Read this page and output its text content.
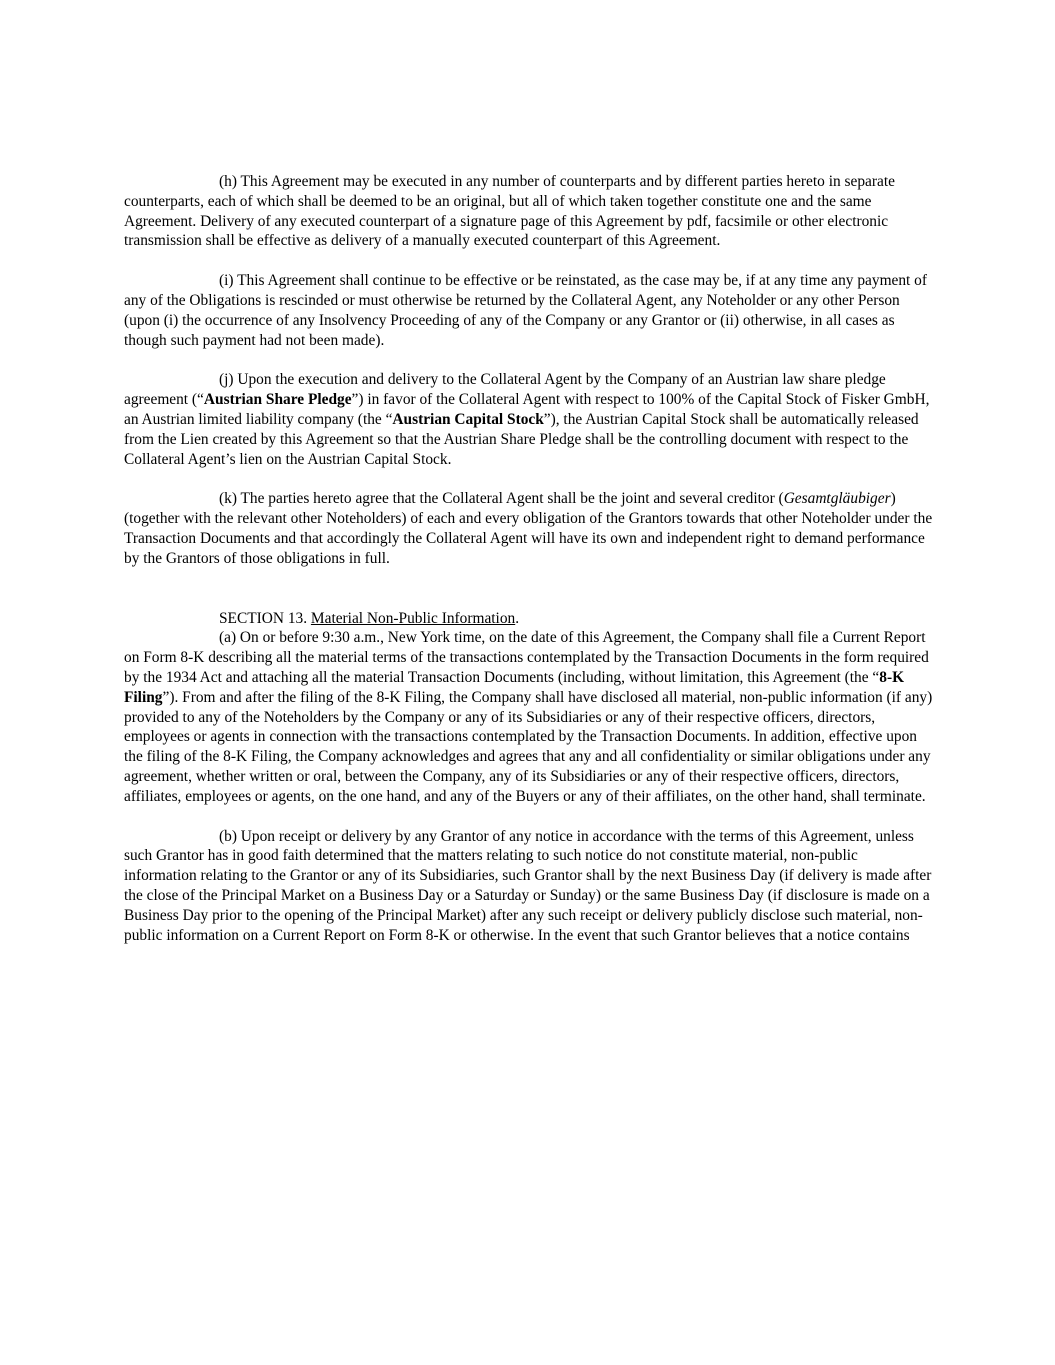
(h) This Agreement may be executed in any number of counterparts and by different parties hereto in separate counterparts, each of which shall be deemed to be an original, but all of which taken together constitute one and the same Agreement. Delivery of any executed counterpart of a signature page of this Agreement by pdf, facsimile or other electronic transmission shall be effective as delivery of a manually executed counterpart of this Agreement.

(i) This Agreement shall continue to be effective or be reinstated, as the case may be, if at any time any payment of any of the Obligations is rescinded or must otherwise be returned by the Collateral Agent, any Noteholder or any other Person (upon (i) the occurrence of any Insolvency Proceeding of any of the Company or any Grantor or (ii) otherwise, in all cases as though such payment had not been made).

(j) Upon the execution and delivery to the Collateral Agent by the Company of an Austrian law share pledge agreement (“Austrian Share Pledge”) in favor of the Collateral Agent with respect to 100% of the Capital Stock of Fisker GmbH, an Austrian limited liability company (the “Austrian Capital Stock”), the Austrian Capital Stock shall be automatically released from the Lien created by this Agreement so that the Austrian Share Pledge shall be the controlling document with respect to the Collateral Agent’s lien on the Austrian Capital Stock.

(k) The parties hereto agree that the Collateral Agent shall be the joint and several creditor (Gesamtgläubiger) (together with the relevant other Noteholders) of each and every obligation of the Grantors towards that other Noteholder under the Transaction Documents and that accordingly the Collateral Agent will have its own and independent right to demand performance by the Grantors of those obligations in full.

SECTION 13. Material Non-Public Information.

(a) On or before 9:30 a.m., New York time, on the date of this Agreement, the Company shall file a Current Report on Form 8-K describing all the material terms of the transactions contemplated by the Transaction Documents in the form required by the 1934 Act and attaching all the material Transaction Documents (including, without limitation, this Agreement (the “8-K Filing”). From and after the filing of the 8-K Filing, the Company shall have disclosed all material, non-public information (if any) provided to any of the Noteholders by the Company or any of its Subsidiaries or any of their respective officers, directors, employees or agents in connection with the transactions contemplated by the Transaction Documents. In addition, effective upon the filing of the 8-K Filing, the Company acknowledges and agrees that any and all confidentiality or similar obligations under any agreement, whether written or oral, between the Company, any of its Subsidiaries or any of their respective officers, directors, affiliates, employees or agents, on the one hand, and any of the Buyers or any of their affiliates, on the other hand, shall terminate.

(b) Upon receipt or delivery by any Grantor of any notice in accordance with the terms of this Agreement, unless such Grantor has in good faith determined that the matters relating to such notice do not constitute material, non-public information relating to the Grantor or any of its Subsidiaries, such Grantor shall by the next Business Day (if delivery is made after the close of the Principal Market on a Business Day or a Saturday or Sunday) or the same Business Day (if disclosure is made on a Business Day prior to the opening of the Principal Market) after any such receipt or delivery publicly disclose such material, non-public information on a Current Report on Form 8-K or otherwise. In the event that such Grantor believes that a notice contains
